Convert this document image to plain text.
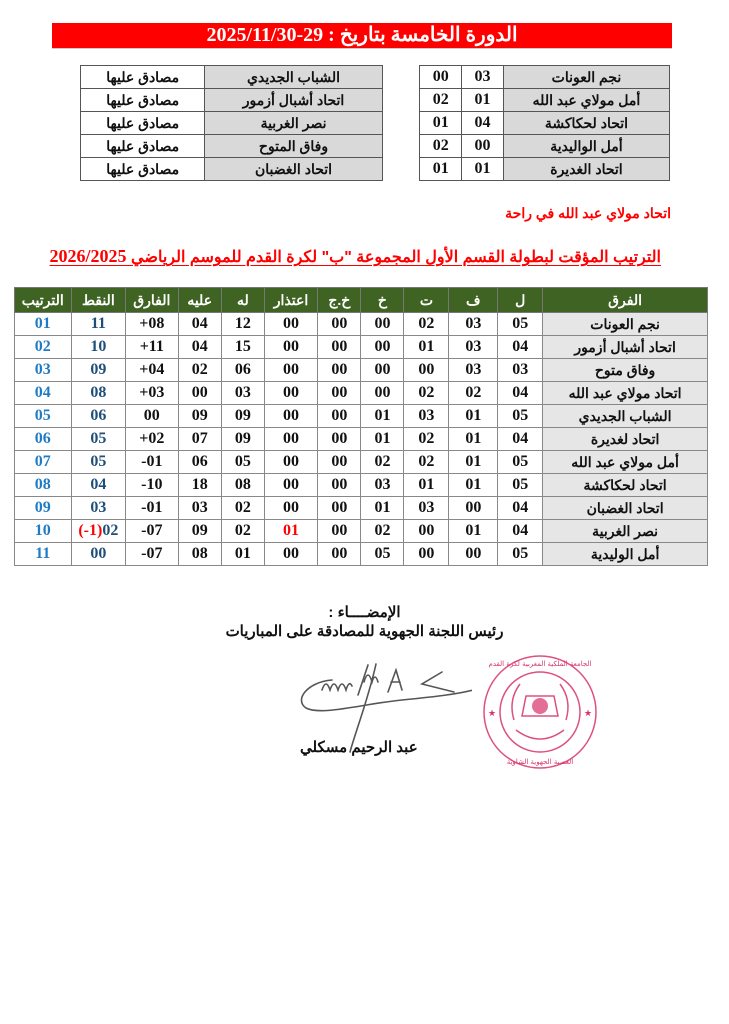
الدورة الخامسة بتاريخ : 29-2025/11/30
نجم العونات	03	00		الشباب الجديدي	مصادق عليها
أمل مولاي عبد الله	01	02		اتحاد أشبال أزمور	مصادق عليها
اتحاد لحكاكشة	04	01		نصر الغربية	مصادق عليها
أمل الواليدية	00	02		وفاق المتوح	مصادق عليها
اتحاد الغديرة	01	01		اتحاد الغضبان	مصادق عليها
اتحاد مولاي عبد الله في راحة
الترتيب المؤقت لبطولة القسم الأول المجموعة "ب" لكرة القدم للموسم الرياضي 2026/2025
الفرق	ل	ف	ت	خ	خ.ج	اعتذار	له	عليه	الفارق	النقط	الترتيب
نجم العونات	05	03	02	00	00	00	12	04	+08	11	01
اتحاد أشبال أزمور	04	03	01	00	00	00	15	04	+11	10	02
وفاق متوح	03	03	00	00	00	00	06	02	+04	09	03
اتحاد مولاي عبد الله	04	02	02	00	00	00	03	00	+03	08	04
الشباب الجديدي	05	01	03	01	00	00	09	09	00	06	05
اتحاد لغديرة	04	01	02	01	00	00	09	07	+02	05	06
أمل مولاي عبد الله	05	01	02	02	00	00	05	06	-01	05	07
اتحاد لحكاكشة	05	01	01	03	00	00	08	18	-10	04	08
اتحاد الغضبان	04	00	03	01	00	00	02	03	-01	03	09
نصر الغربية	04	01	00	02	00	01	02	09	-07	(-1)02	10
أمل الوليدية	05	00	00	05	00	00	01	08	-07	00	11
الإمضــــاء :
رئيس اللجنة الجهوية للمصادقة على المباريات
الجامعة الملكية المغربية لكرة القدم
العصبة الجهوية الشاوية
★	★
عبد الرحيم مسكلي
